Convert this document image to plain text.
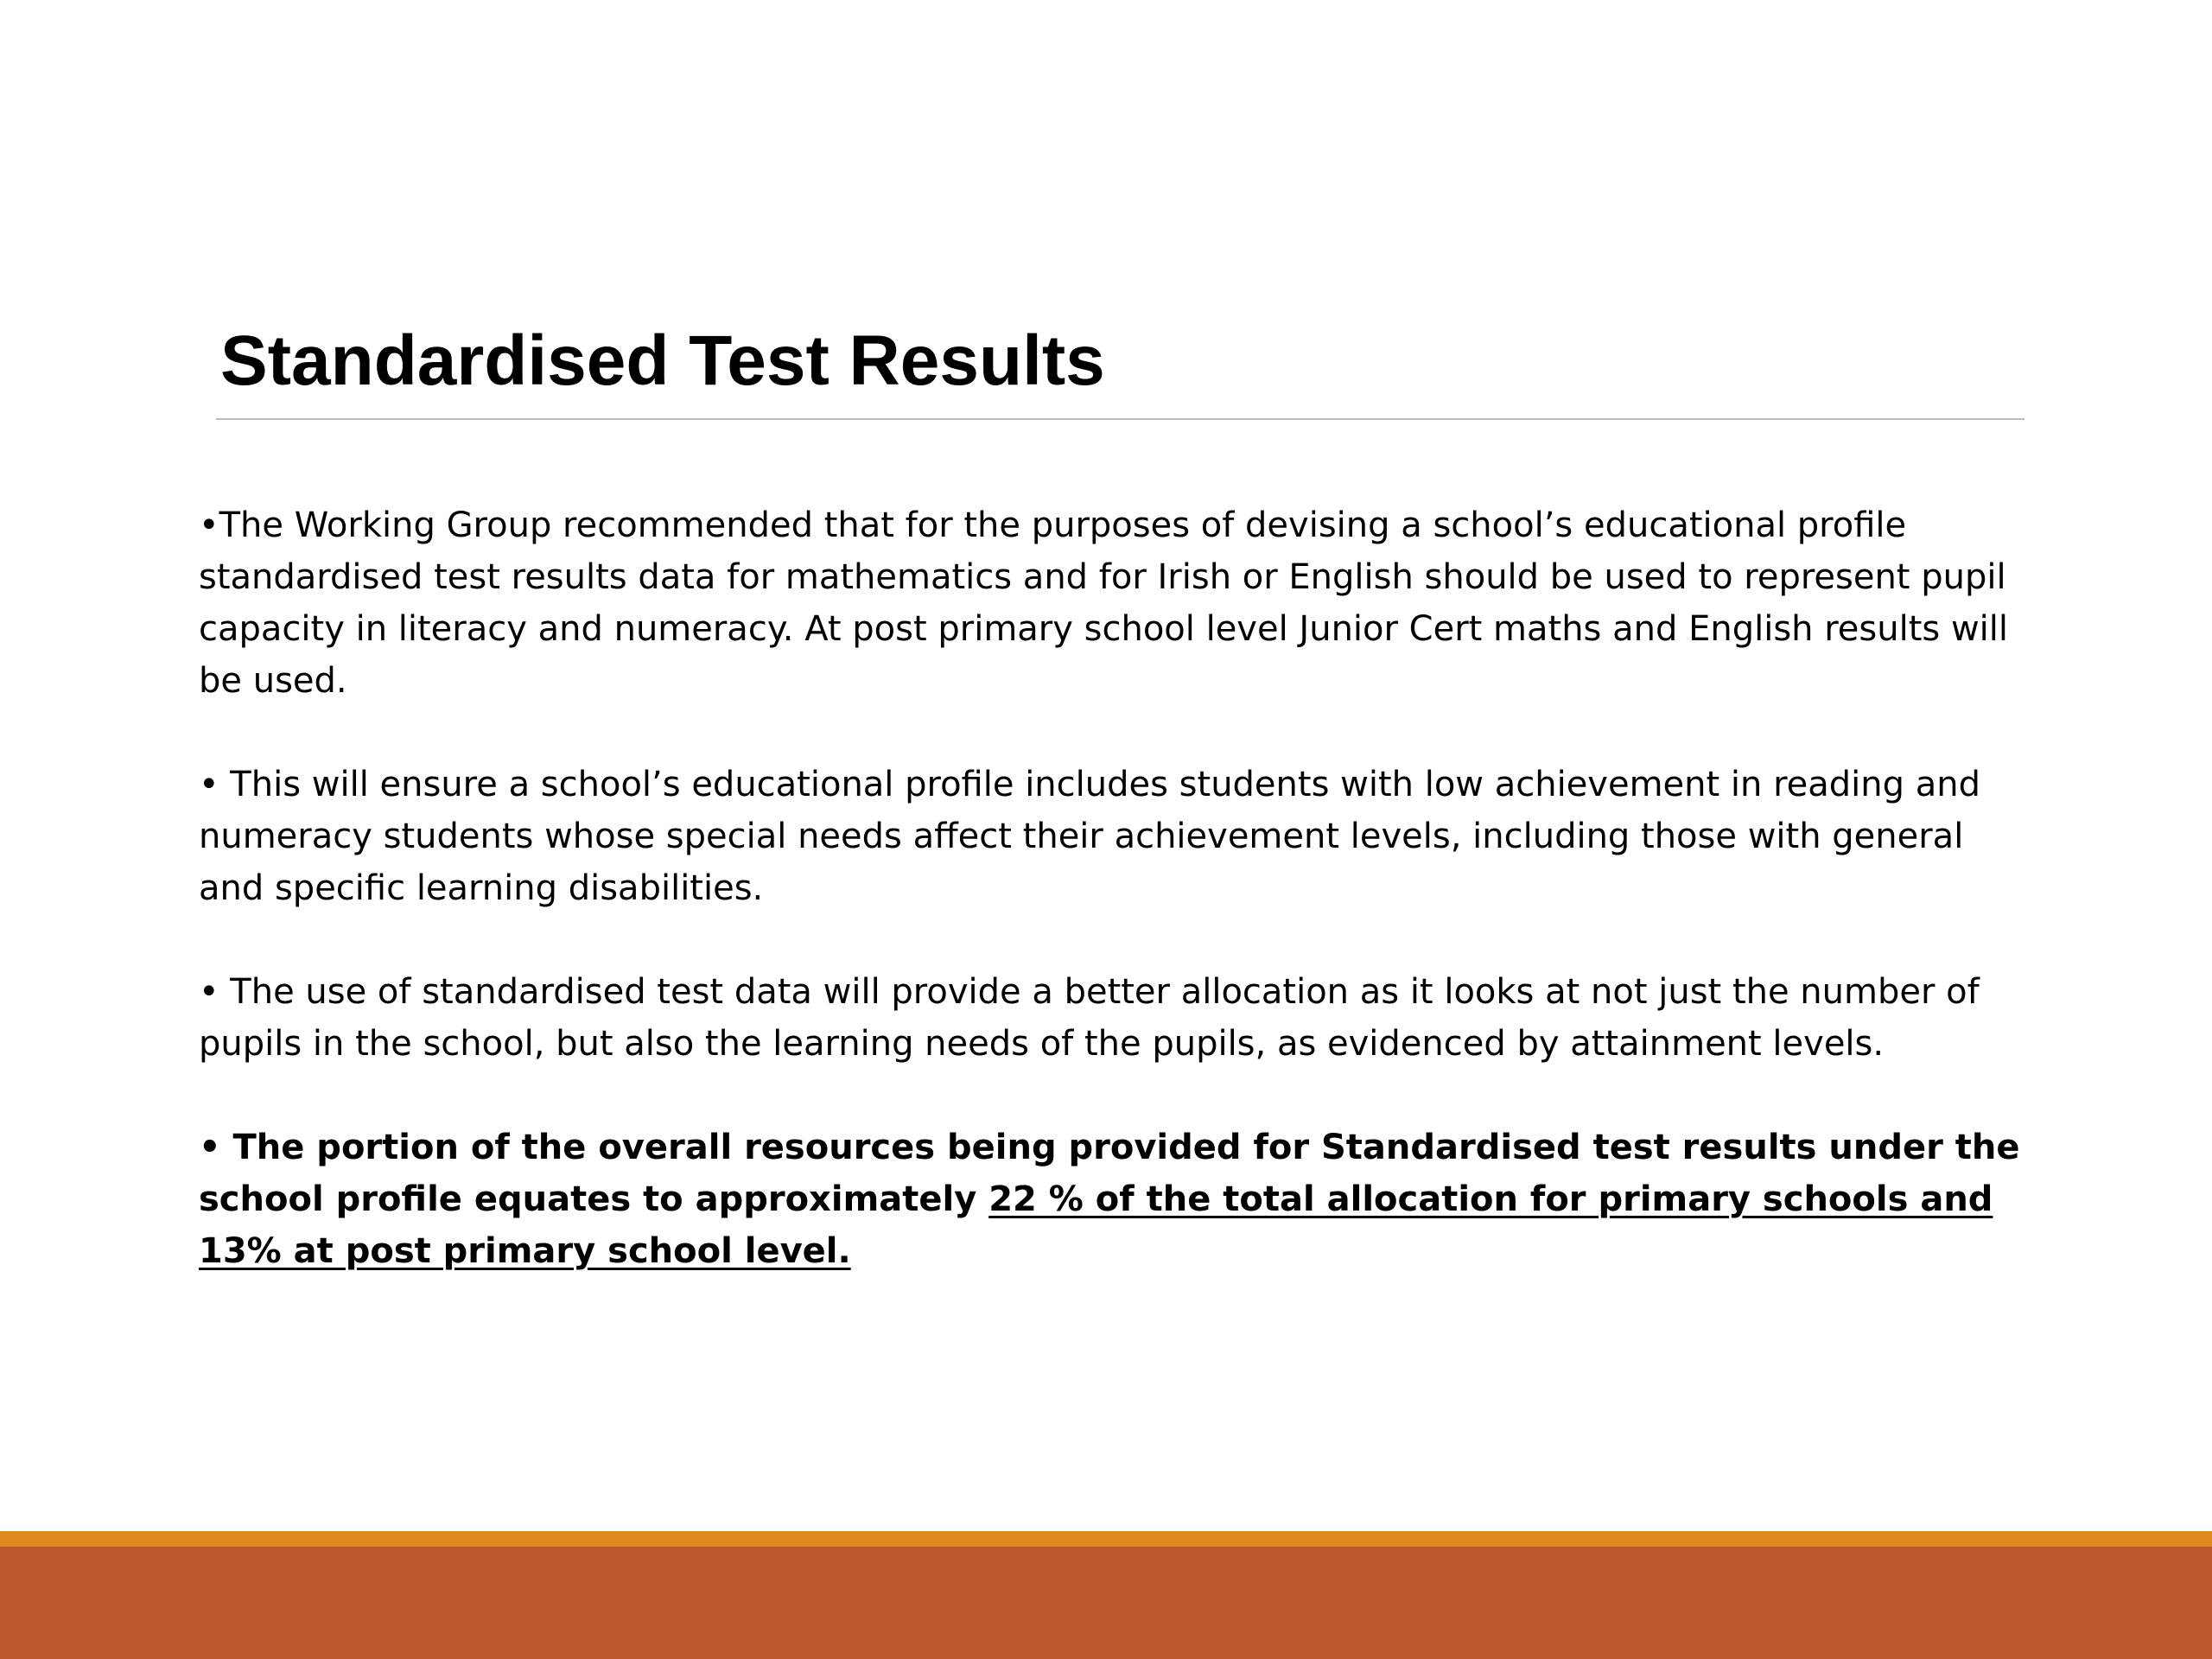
Standardised Test Results

•The Working Group recommended that for the purposes of devising a school’s educational profile standardised test results data for mathematics and for Irish or English should be used to represent pupil capacity in literacy and numeracy. At post primary school level Junior Cert maths and English results will be used.

• This will ensure a school’s educational profile includes students with low achievement in reading and numeracy students whose special needs affect their achievement levels, including those with general and specific learning disabilities.

• The use of standardised test data will provide a better allocation as it looks at not just the number of pupils in the school, but also the learning needs of the pupils, as evidenced by attainment levels.

• The portion of the overall resources being provided for Standardised test results under the school profile equates to approximately 22 % of the total allocation for primary schools and 13% at post primary school level.
